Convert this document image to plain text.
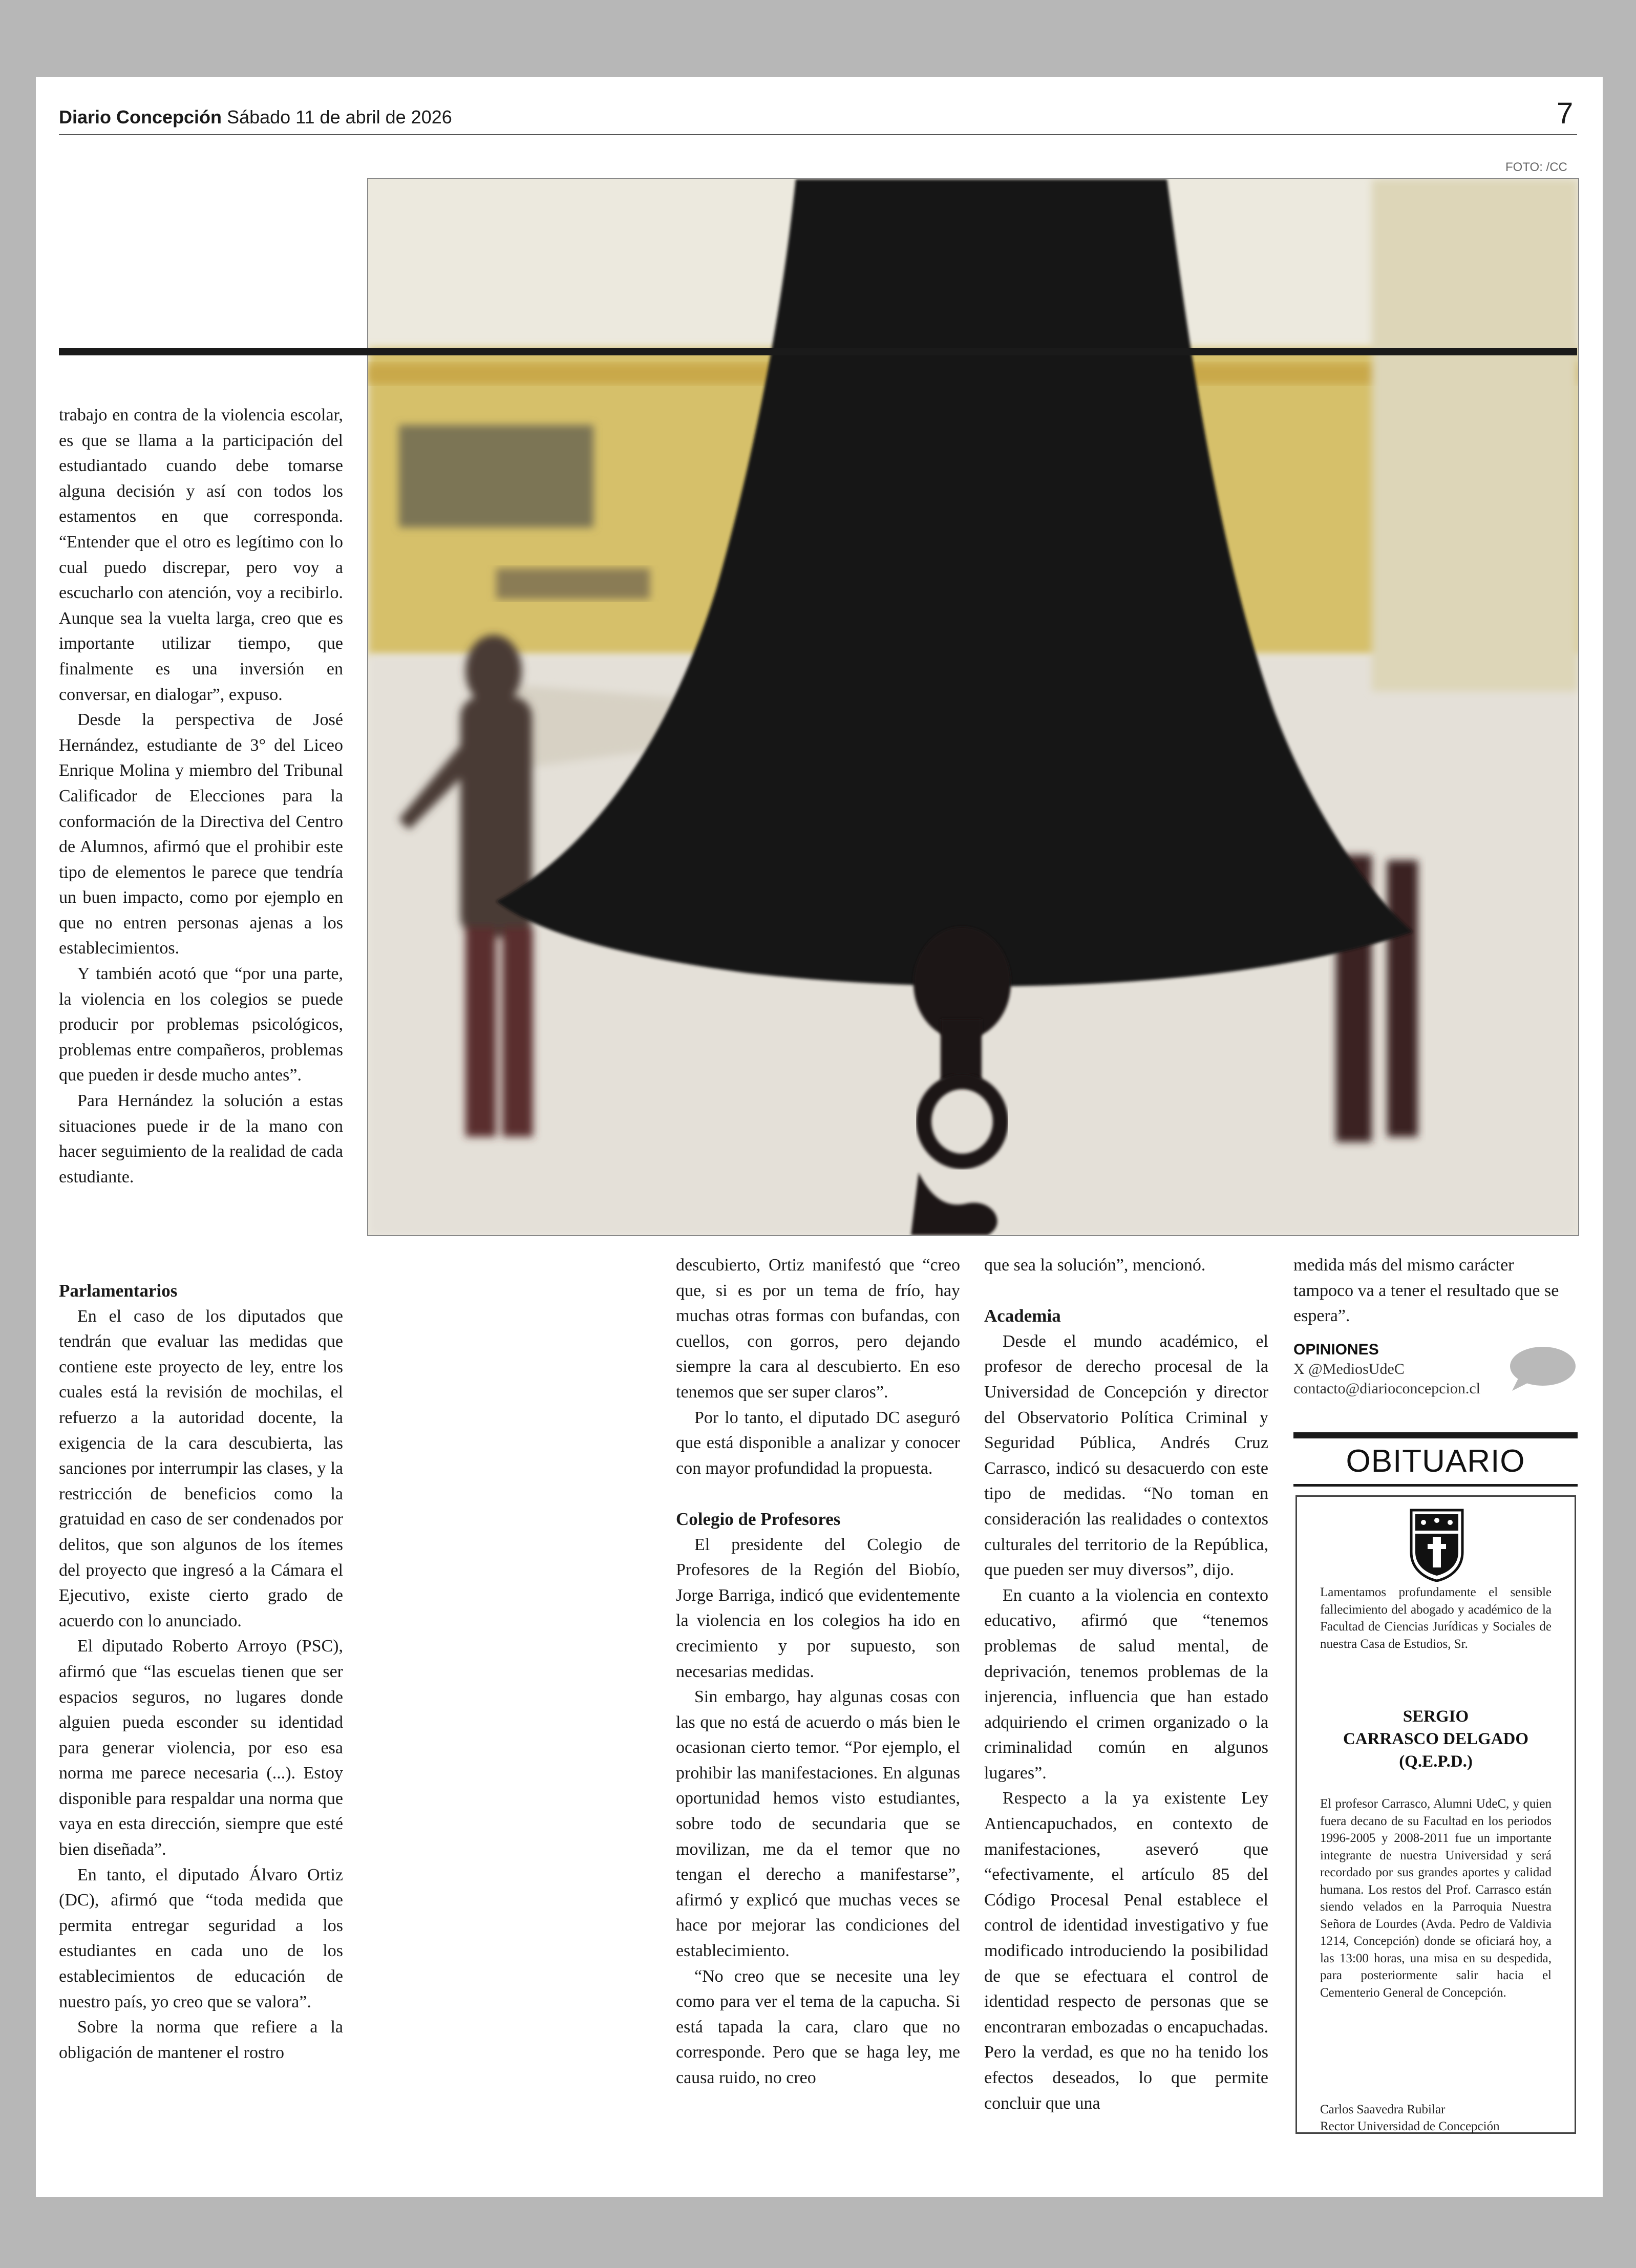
Diario Concepción Sábado 11 de abril de 2026	7
FOTO: /CC

trabajo en contra de la violencia escolar, es que se llama a la participación del estudiantado cuando debe tomarse alguna decisión y así con todos los estamentos en que corresponda. “Entender que el otro es legítimo con lo cual puedo discrepar, pero voy a escucharlo con atención, voy a recibirlo. Aunque sea la vuelta larga, creo que es importante utilizar tiempo, que finalmente es una inversión en conversar, en dialogar”, expuso.

Desde la perspectiva de José Hernández, estudiante de 3° del Liceo Enrique Molina y miembro del Tribunal Calificador de Elecciones para la conformación de la Directiva del Centro de Alumnos, afirmó que el prohibir este tipo de elementos le parece que tendría un buen impacto, como por ejemplo en que no entren personas ajenas a los establecimientos.

Y también acotó que “por una parte, la violencia en los colegios se puede producir por problemas psicológicos, problemas entre compañeros, problemas que pueden ir desde mucho antes”.

Para Hernández la solución a estas situaciones puede ir de la mano con hacer seguimiento de la realidad de cada estudiante.

Parlamentarios

En el caso de los diputados que tendrán que evaluar las medidas que contiene este proyecto de ley, entre los cuales está la revisión de mochilas, el refuerzo a la autoridad docente, la exigencia de la cara descubierta, las sanciones por interrumpir las clases, y la restricción de beneficios como la gratuidad en caso de ser condenados por delitos, que son algunos de los ítemes del proyecto que ingresó a la Cámara el Ejecutivo, existe cierto grado de acuerdo con lo anunciado.

El diputado Roberto Arroyo (PSC), afirmó que “las escuelas tienen que ser espacios seguros, no lugares donde alguien pueda esconder su identidad para generar violencia, por eso esa norma me parece necesaria (...). Estoy disponible para respaldar una norma que vaya en esta dirección, siempre que esté bien diseñada”.

En tanto, el diputado Álvaro Ortiz (DC), afirmó que “toda medida que permita entregar seguridad a los estudiantes en cada uno de los establecimientos de educación de nuestro país, yo creo que se valora”.

Sobre la norma que refiere a la obligación de mantener el rostro

descubierto, Ortiz manifestó que “creo que, si es por un tema de frío, hay muchas otras formas con bufandas, con cuellos, con gorros, pero dejando siempre la cara al descubierto. En eso tenemos que ser super claros”.

Por lo tanto, el diputado DC aseguró que está disponible a analizar y conocer con mayor profundidad la propuesta.

Colegio de Profesores

El presidente del Colegio de Profesores de la Región del Biobío, Jorge Barriga, indicó que evidentemente la violencia en los colegios ha ido en crecimiento y por supuesto, son necesarias medidas.

Sin embargo, hay algunas cosas con las que no está de acuerdo o más bien le ocasionan cierto temor. “Por ejemplo, el prohibir las manifestaciones. En algunas oportunidad hemos visto estudiantes, sobre todo de secundaria que se movilizan, me da el temor que no tengan el derecho a manifestarse”, afirmó y explicó que muchas veces se hace por mejorar las condiciones del establecimiento.

“No creo que se necesite una ley como para ver el tema de la capucha. Si está tapada la cara, claro que no corresponde. Pero que se haga ley, me causa ruido, no creo

que sea la solución”, mencionó.

Academia

Desde el mundo académico, el profesor de derecho procesal de la Universidad de Concepción y director del Observatorio Política Criminal y Seguridad Pública, Andrés Cruz Carrasco, indicó su desacuerdo con este tipo de medidas. “No toman en consideración las realidades o contextos culturales del territorio de la República, que pueden ser muy diversos”, dijo.

En cuanto a la violencia en contexto educativo, afirmó que “tenemos problemas de salud mental, de deprivación, tenemos problemas de la injerencia, influencia que han estado adquiriendo el crimen organizado o la criminalidad común en algunos lugares”.

Respecto a la ya existente Ley Antiencapuchados, en contexto de manifestaciones, aseveró que “efectivamente, el artículo 85 del Código Procesal Penal establece el control de identidad investigativo y fue modificado introduciendo la posibilidad de que se efectuara el control de identidad respecto de personas que se encontraran embozadas o encapuchadas. Pero la verdad, es que no ha tenido los efectos deseados, lo que permite concluir que una

medida más del mismo carácter tampoco va a tener el resultado que se espera”.

OPINIONES
X @MediosUdeC
contacto@diarioconcepcion.cl
OBITUARIO
Lamentamos profundamente el sensible fallecimiento del abogado y académico de la Facultad de Ciencias Jurídicas y Sociales de nuestra Casa de Estudios, Sr.
SERGIO
CARRASCO DELGADO
(Q.E.P.D.)
El profesor Carrasco, Alumni UdeC, y quien fuera decano de su Facultad en los periodos 1996-2005 y 2008-2011 fue un importante integrante de nuestra Universidad y será recordado por sus grandes aportes y calidad humana. Los restos del Prof. Carrasco están siendo velados en la Parroquia Nuestra Señora de Lourdes (Avda. Pedro de Valdivia 1214, Concepción) donde se oficiará hoy, a las 13:00 horas, una misa en su despedida, para posteriormente salir hacia el Cementerio General de Concepción.
Carlos Saavedra Rubilar
Rector Universidad de Concepción
